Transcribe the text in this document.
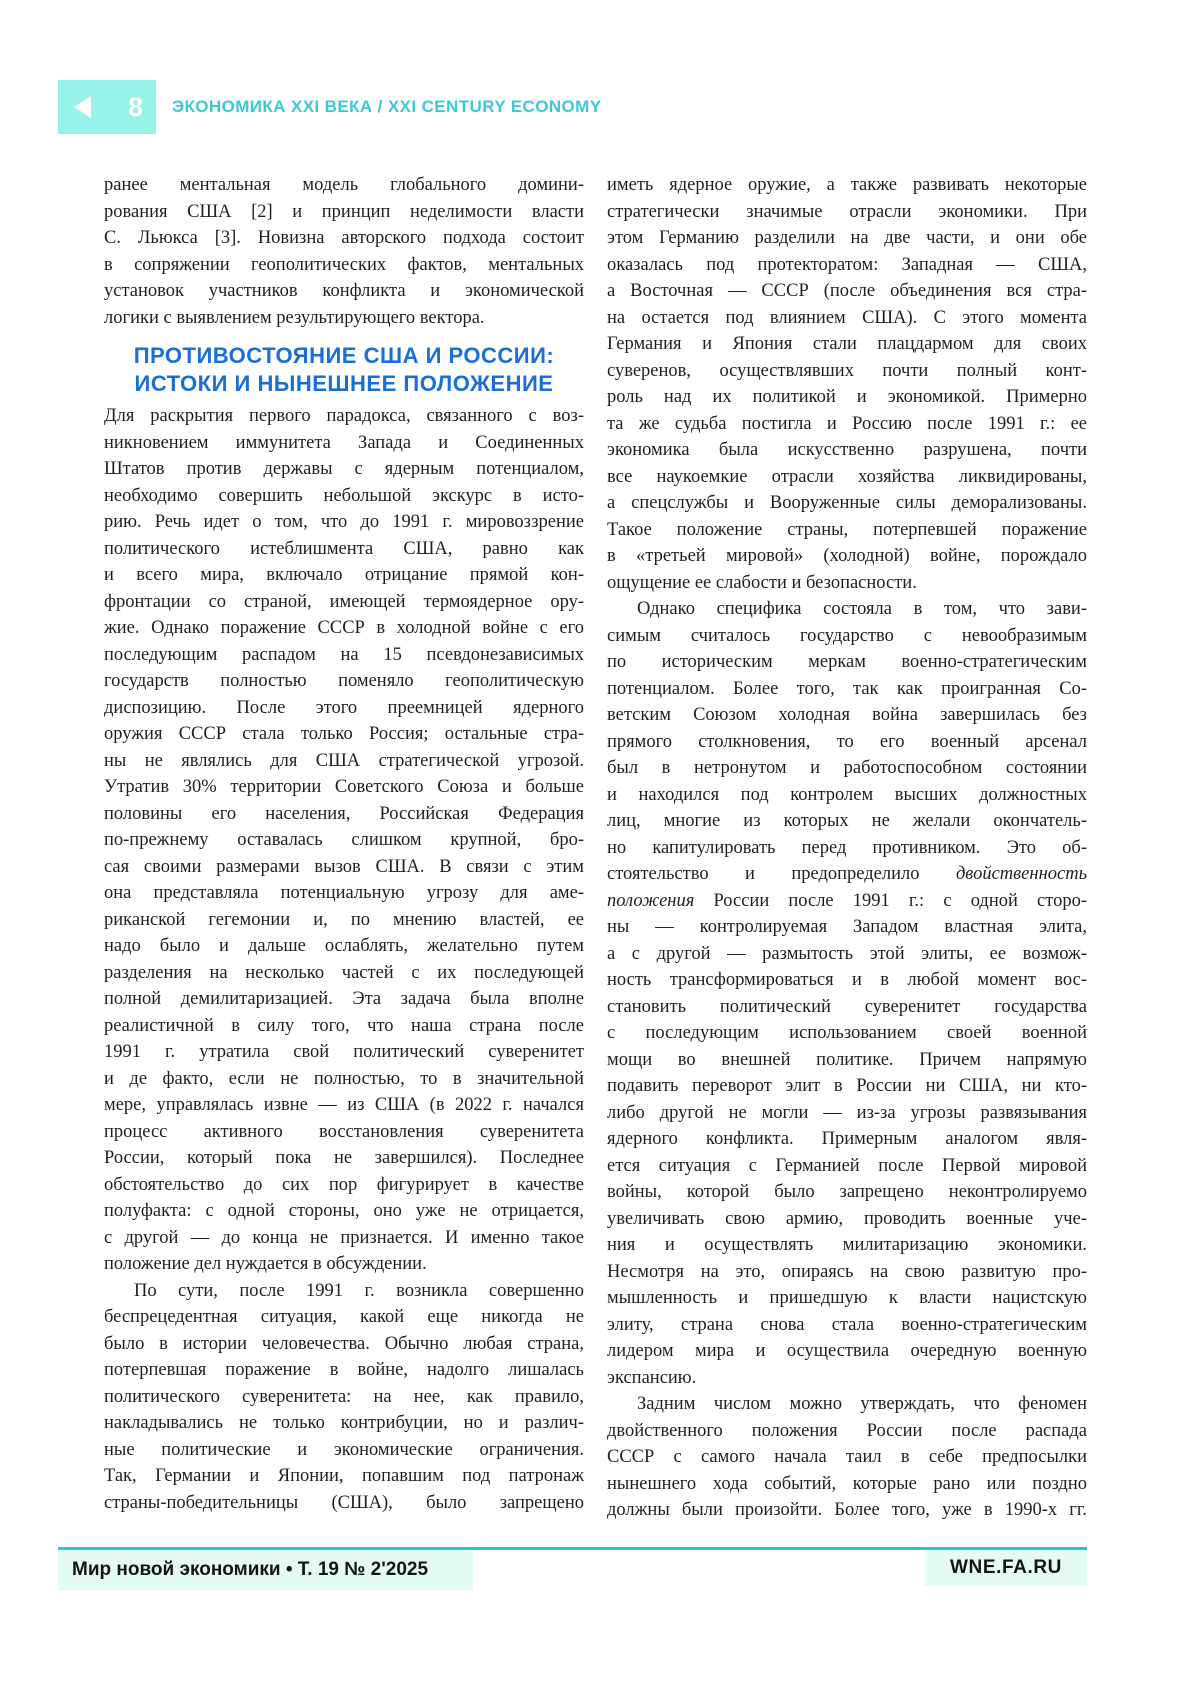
8 ЭКОНОМИКА XXI ВЕКА / XXI CENTURY ECONOMY
ранее ментальная модель глобального домини-
рования США [2] и принцип неделимости власти
С. Льюкса [3]. Новизна авторского подхода состоит
в сопряжении геополитических фактов, ментальных
установок участников конфликта и экономической
логики с выявлением результирующего вектора.
ПРОТИВОСТОЯНИЕ США И РОССИИ:
ИСТОКИ И НЫНЕШНЕЕ ПОЛОЖЕНИЕ
Для раскрытия первого парадокса, связанного с воз-
никновением иммунитета Запада и Соединенных
Штатов против державы с ядерным потенциалом,
необходимо совершить небольшой экскурс в исто-
рию. Речь идет о том, что до 1991 г. мировоззрение
политического истеблишмента США, равно как
и всего мира, включало отрицание прямой кон-
фронтации со страной, имеющей термоядерное ору-
жие. Однако поражение СССР в холодной войне с его
последующим распадом на 15 псевдонезависимых
государств полностью поменяло геополитическую
диспозицию. После этого преемницей ядерного
оружия СССР стала только Россия; остальные стра-
ны не являлись для США стратегической угрозой.
Утратив 30% территории Советского Союза и больше
половины его населения, Российская Федерация
по-прежнему оставалась слишком крупной, бро-
сая своими размерами вызов США. В связи с этим
она представляла потенциальную угрозу для аме-
риканской гегемонии и, по мнению властей, ее
надо было и дальше ослаблять, желательно путем
разделения на несколько частей с их последующей
полной демилитаризацией. Эта задача была вполне
реалистичной в силу того, что наша страна после
1991 г. утратила свой политический суверенитет
и де факто, если не полностью, то в значительной
мере, управлялась извне — из США (в 2022 г. начался
процесс активного восстановления суверенитета
России, который пока не завершился). Последнее
обстоятельство до сих пор фигурирует в качестве
полуфакта: с одной стороны, оно уже не отрицается,
с другой — до конца не признается. И именно такое
положение дел нуждается в обсуждении.
По сути, после 1991 г. возникла совершенно
беспрецедентная ситуация, какой еще никогда не
было в истории человечества. Обычно любая страна,
потерпевшая поражение в войне, надолго лишалась
политического суверенитета: на нее, как правило,
накладывались не только контрибуции, но и различ-
ные политические и экономические ограничения.
Так, Германии и Японии, попавшим под патронаж
страны-победительницы (США), было запрещено
иметь ядерное оружие, а также развивать некоторые
стратегически значимые отрасли экономики. При
этом Германию разделили на две части, и они обе
оказалась под протекторатом: Западная — США,
а Восточная — СССР (после объединения вся стра-
на остается под влиянием США). С этого момента
Германия и Япония стали плацдармом для своих
суверенов, осуществлявших почти полный конт-
роль над их политикой и экономикой. Примерно
та же судьба постигла и Россию после 1991 г.: ее
экономика была искусственно разрушена, почти
все наукоемкие отрасли хозяйства ликвидированы,
а спецслужбы и Вооруженные силы деморализованы.
Такое положение страны, потерпевшей поражение
в «третьей мировой» (холодной) войне, порождало
ощущение ее слабости и безопасности.
Однако специфика состояла в том, что зави-
симым считалось государство с невообразимым
по историческим меркам военно-стратегическим
потенциалом. Более того, так как проигранная Со-
ветским Союзом холодная война завершилась без
прямого столкновения, то его военный арсенал
был в нетронутом и работоспособном состоянии
и находился под контролем высших должностных
лиц, многие из которых не желали окончатель-
но капитулировать перед противником. Это об-
стоятельство и предопределило двойственность
положения России после 1991 г.: с одной сторо-
ны — контролируемая Западом властная элита,
а с другой — размытость этой элиты, ее возмож-
ность трансформироваться и в любой момент вос-
становить политический суверенитет государства
с последующим использованием своей военной
мощи во внешней политике. Причем напрямую
подавить переворот элит в России ни США, ни кто-
либо другой не могли — из-за угрозы развязывания
ядерного конфликта. Примерным аналогом явля-
ется ситуация с Германией после Первой мировой
войны, которой было запрещено неконтролируемо
увеличивать свою армию, проводить военные уче-
ния и осуществлять милитаризацию экономики.
Несмотря на это, опираясь на свою развитую про-
мышленность и пришедшую к власти нацистскую
элиту, страна снова стала военно-стратегическим
лидером мира и осуществила очередную военную
экспансию.
Задним числом можно утверждать, что феномен
двойственного положения России после распада
СССР с самого начала таил в себе предпосылки
нынешнего хода событий, которые рано или поздно
должны были произойти. Более того, уже в 1990-х гг.
Мир новой экономики • Т. 19 № 2'2025	WNE.FA.RU
